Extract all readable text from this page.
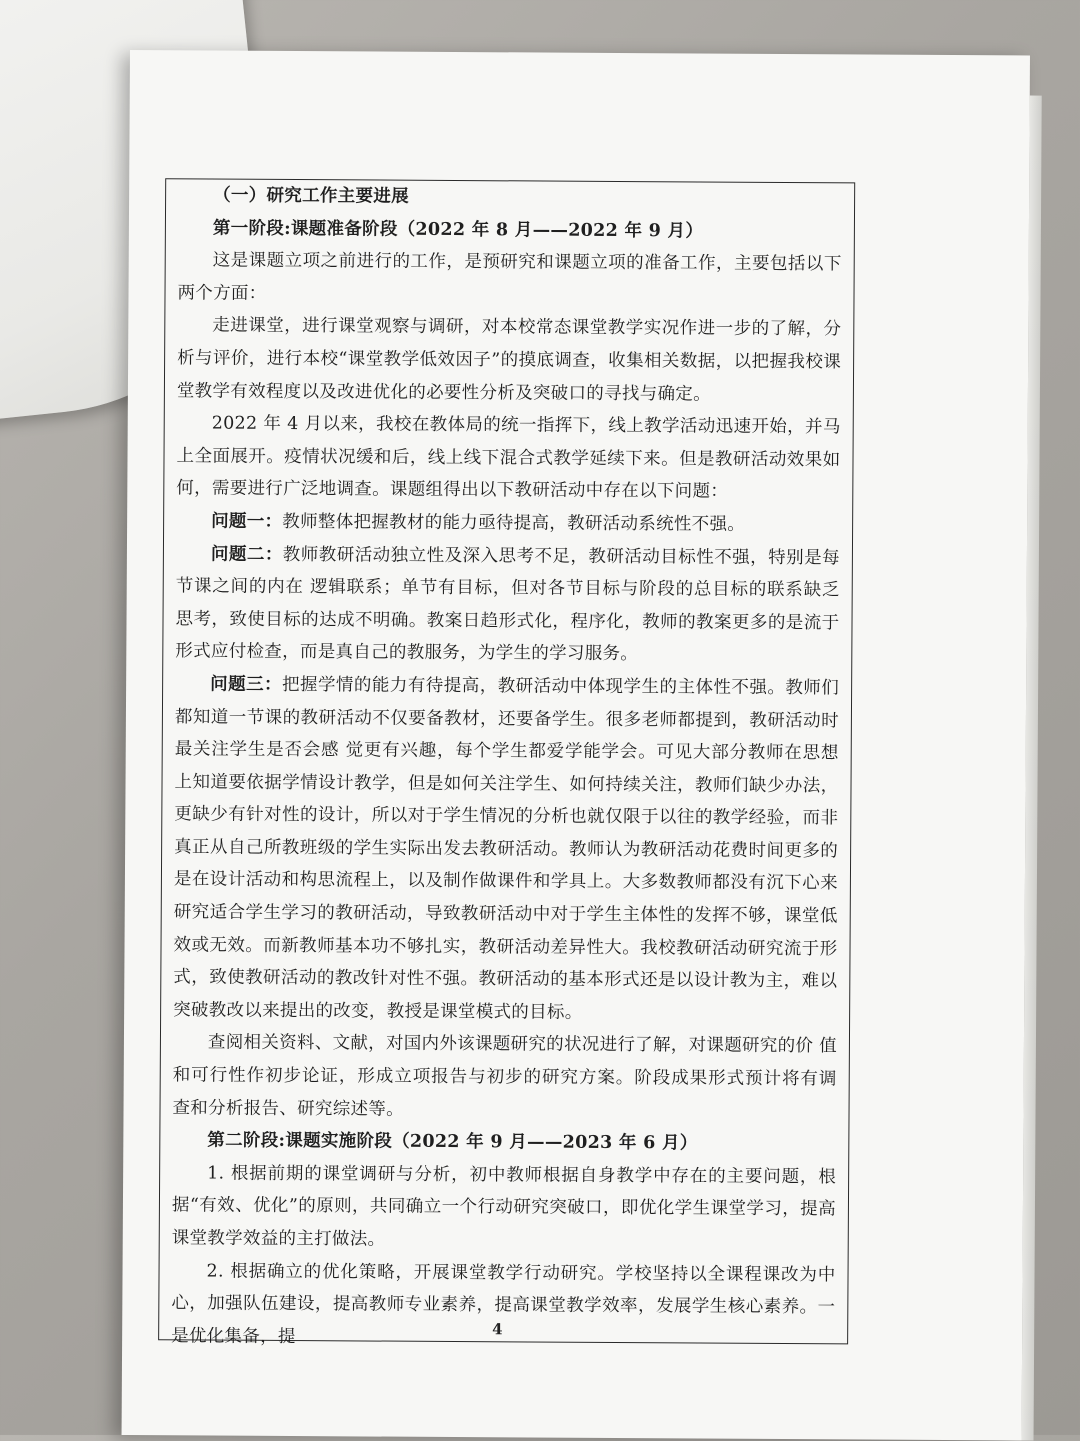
（一）研究工作主要进展

第一阶段:课题准备阶段（2022 年 8 月——2022 年 9 月）

这是课题立项之前进行的工作，是预研究和课题立项的准备工作，主要包括以下两个方面：

走进课堂，进行课堂观察与调研，对本校常态课堂教学实况作进一步的了解，分析与评价，进行本校“课堂教学低效因子”的摸底调查，收集相关数据，以把握我校课堂教学有效程度以及改进优化的必要性分析及突破口的寻找与确定。

2022 年 4 月以来，我校在教体局的统一指挥下，线上教学活动迅速开始，并马上全面展开。疫情状况缓和后，线上线下混合式教学延续下来。但是教研活动效果如何，需要进行广泛地调查。课题组得出以下教研活动中存在以下问题：

问题一：教师整体把握教材的能力亟待提高，教研活动系统性不强。

问题二：教师教研活动独立性及深入思考不足，教研活动目标性不强，特别是每节课之间的内在 逻辑联系；单节有目标，但对各节目标与阶段的总目标的联系缺乏思考，致使目标的达成不明确。教案日趋形式化，程序化，教师的教案更多的是流于形式应付检查，而是真自己的教服务，为学生的学习服务。

问题三：把握学情的能力有待提高，教研活动中体现学生的主体性不强。教师们都知道一节课的教研活动不仅要备教材，还要备学生。很多老师都提到，教研活动时最关注学生是否会感 觉更有兴趣，每个学生都爱学能学会。可见大部分教师在思想上知道要依据学情设计教学，但是如何关注学生、如何持续关注，教师们缺少办法，更缺少有针对性的设计，所以对于学生情况的分析也就仅限于以往的教学经验，而非真正从自己所教班级的学生实际出发去教研活动。教师认为教研活动花费时间更多的是在设计活动和构思流程上，以及制作做课件和学具上。大多数教师都没有沉下心来研究适合学生学习的教研活动，导致教研活动中对于学生主体性的发挥不够，课堂低效或无效。而新教师基本功不够扎实，教研活动差异性大。我校教研活动研究流于形式，致使教研活动的教改针对性不强。教研活动的基本形式还是以设计教为主，难以突破教改以来提出的改变，教授是课堂模式的目标。

查阅相关资料、文献，对国内外该课题研究的状况进行了解，对课题研究的价 值和可行性作初步论证，形成立项报告与初步的研究方案。阶段成果形式预计将有调 查和分析报告、研究综述等。

第二阶段:课题实施阶段（2022 年 9 月——2023 年 6 月）

1. 根据前期的课堂调研与分析，初中教师根据自身教学中存在的主要问题，根据“有效、优化”的原则，共同确立一个行动研究突破口，即优化学生课堂学习，提高课堂教学效益的主打做法。

2. 根据确立的优化策略，开展课堂教学行动研究。学校坚持以全课程课改为中心，加强队伍建设，提高教师专业素养，提高课堂教学效率，发展学生核心素养。一是优化集备，提	4
